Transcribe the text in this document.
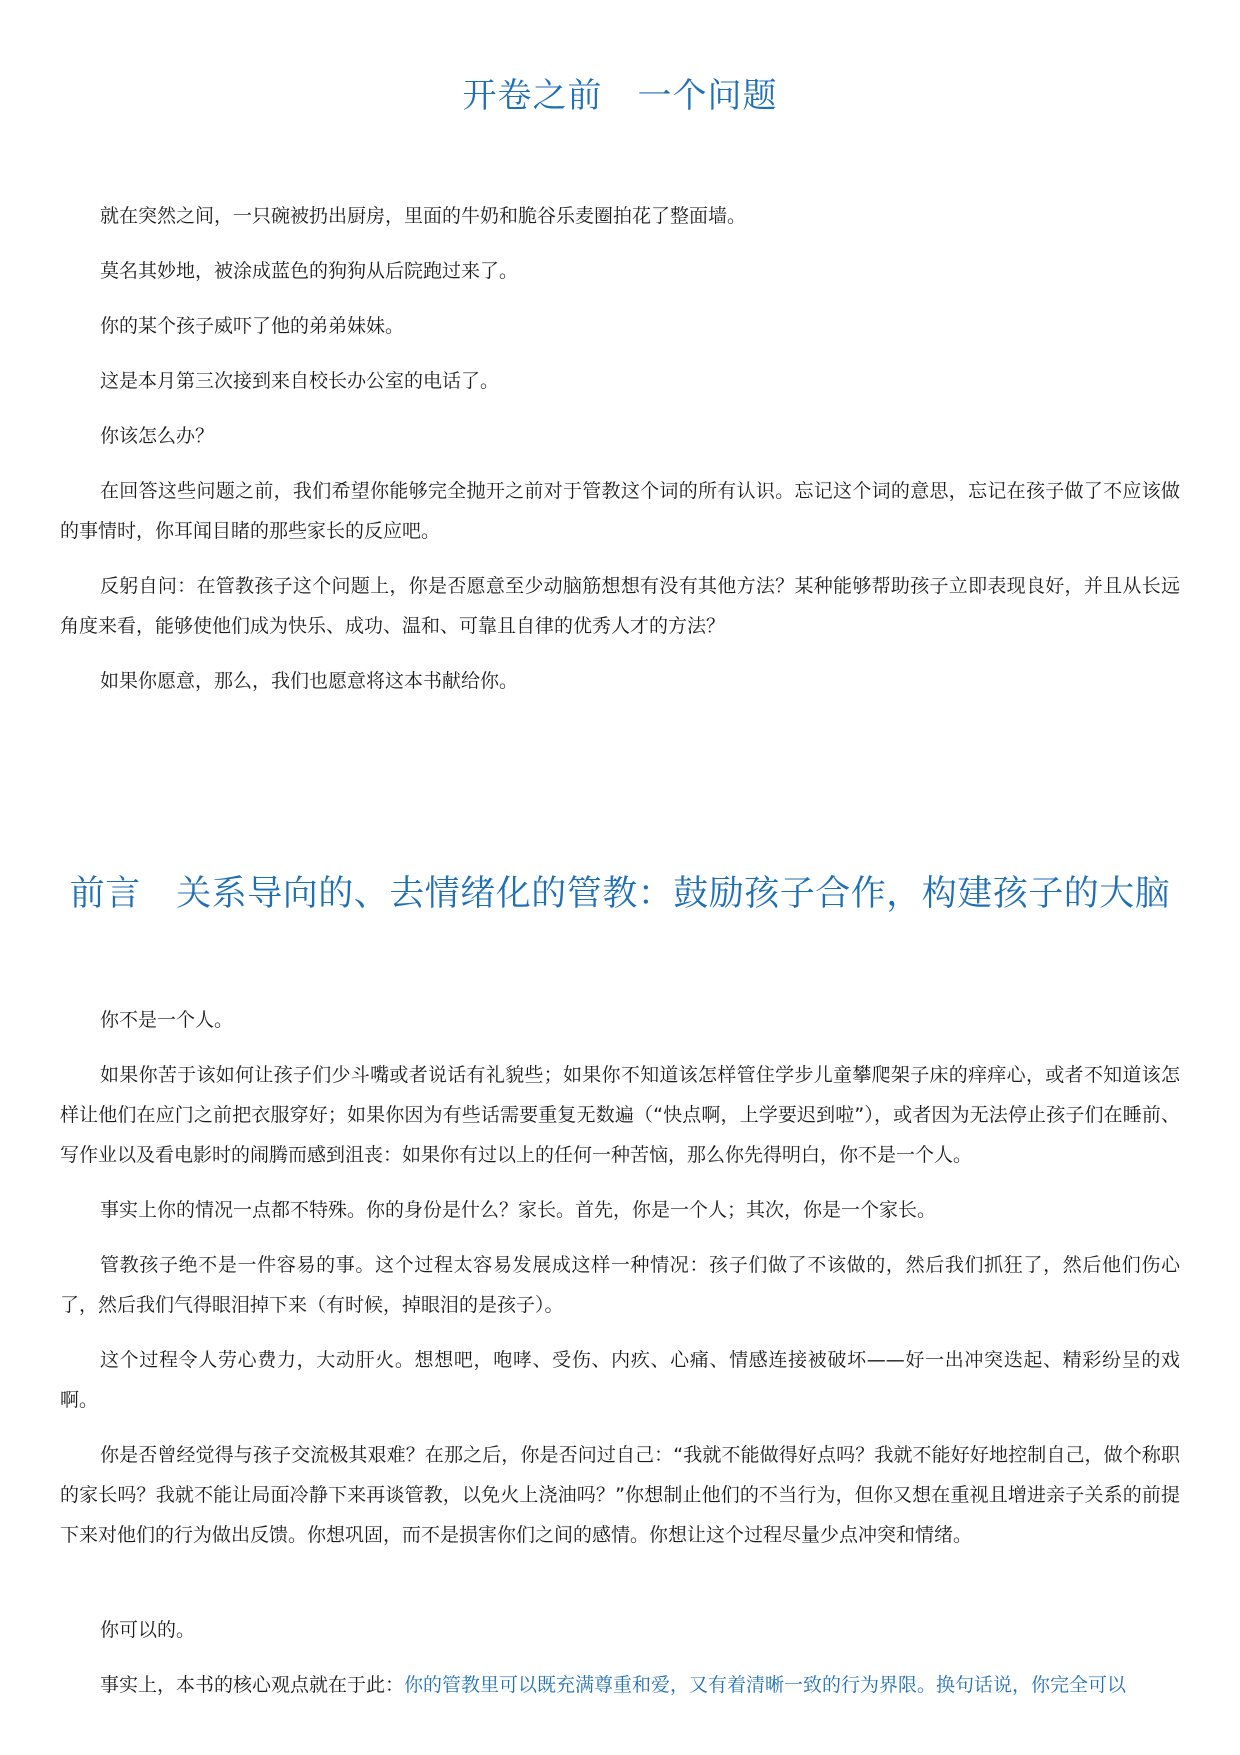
开卷之前　一个问题

就在突然之间，一只碗被扔出厨房，里面的牛奶和脆谷乐麦圈拍花了整面墙。

莫名其妙地，被涂成蓝色的狗狗从后院跑过来了。

你的某个孩子威吓了他的弟弟妹妹。

这是本月第三次接到来自校长办公室的电话了。

你该怎么办？

在回答这些问题之前，我们希望你能够完全抛开之前对于管教这个词的所有认识。忘记这个词的意思，忘记在孩子做了不应该做的事情时，你耳闻目睹的那些家长的反应吧。

反躬自问：在管教孩子这个问题上，你是否愿意至少动脑筋想想有没有其他方法？某种能够帮助孩子立即表现良好，并且从长远角度来看，能够使他们成为快乐、成功、温和、可靠且自律的优秀人才的方法？

如果你愿意，那么，我们也愿意将这本书献给你。

前言　关系导向的、去情绪化的管教：鼓励孩子合作，构建孩子的大脑

你不是一个人。

如果你苦于该如何让孩子们少斗嘴或者说话有礼貌些；如果你不知道该怎样管住学步儿童攀爬架子床的痒痒心，或者不知道该怎样让他们在应门之前把衣服穿好；如果你因为有些话需要重复无数遍（“快点啊，上学要迟到啦”），或者因为无法停止孩子们在睡前、写作业以及看电影时的闹腾而感到沮丧：如果你有过以上的任何一种苦恼，那么你先得明白，你不是一个人。

事实上你的情况一点都不特殊。你的身份是什么？家长。首先，你是一个人；其次，你是一个家长。

管教孩子绝不是一件容易的事。这个过程太容易发展成这样一种情况：孩子们做了不该做的，然后我们抓狂了，然后他们伤心了，然后我们气得眼泪掉下来（有时候，掉眼泪的是孩子）。

这个过程令人劳心费力，大动肝火。想想吧，咆哮、受伤、内疚、心痛、情感连接被破坏——好一出冲突迭起、精彩纷呈的戏啊。

你是否曾经觉得与孩子交流极其艰难？在那之后，你是否问过自己：“我就不能做得好点吗？我就不能好好地控制自己，做个称职的家长吗？我就不能让局面冷静下来再谈管教，以免火上浇油吗？”你想制止他们的不当行为，但你又想在重视且增进亲子关系的前提下来对他们的行为做出反馈。你想巩固，而不是损害你们之间的感情。你想让这个过程尽量少点冲突和情绪。

你可以的。

事实上，本书的核心观点就在于此：你的管教里可以既充满尊重和爱，又有着清晰一致的行为界限。换句话说，你完全可以
